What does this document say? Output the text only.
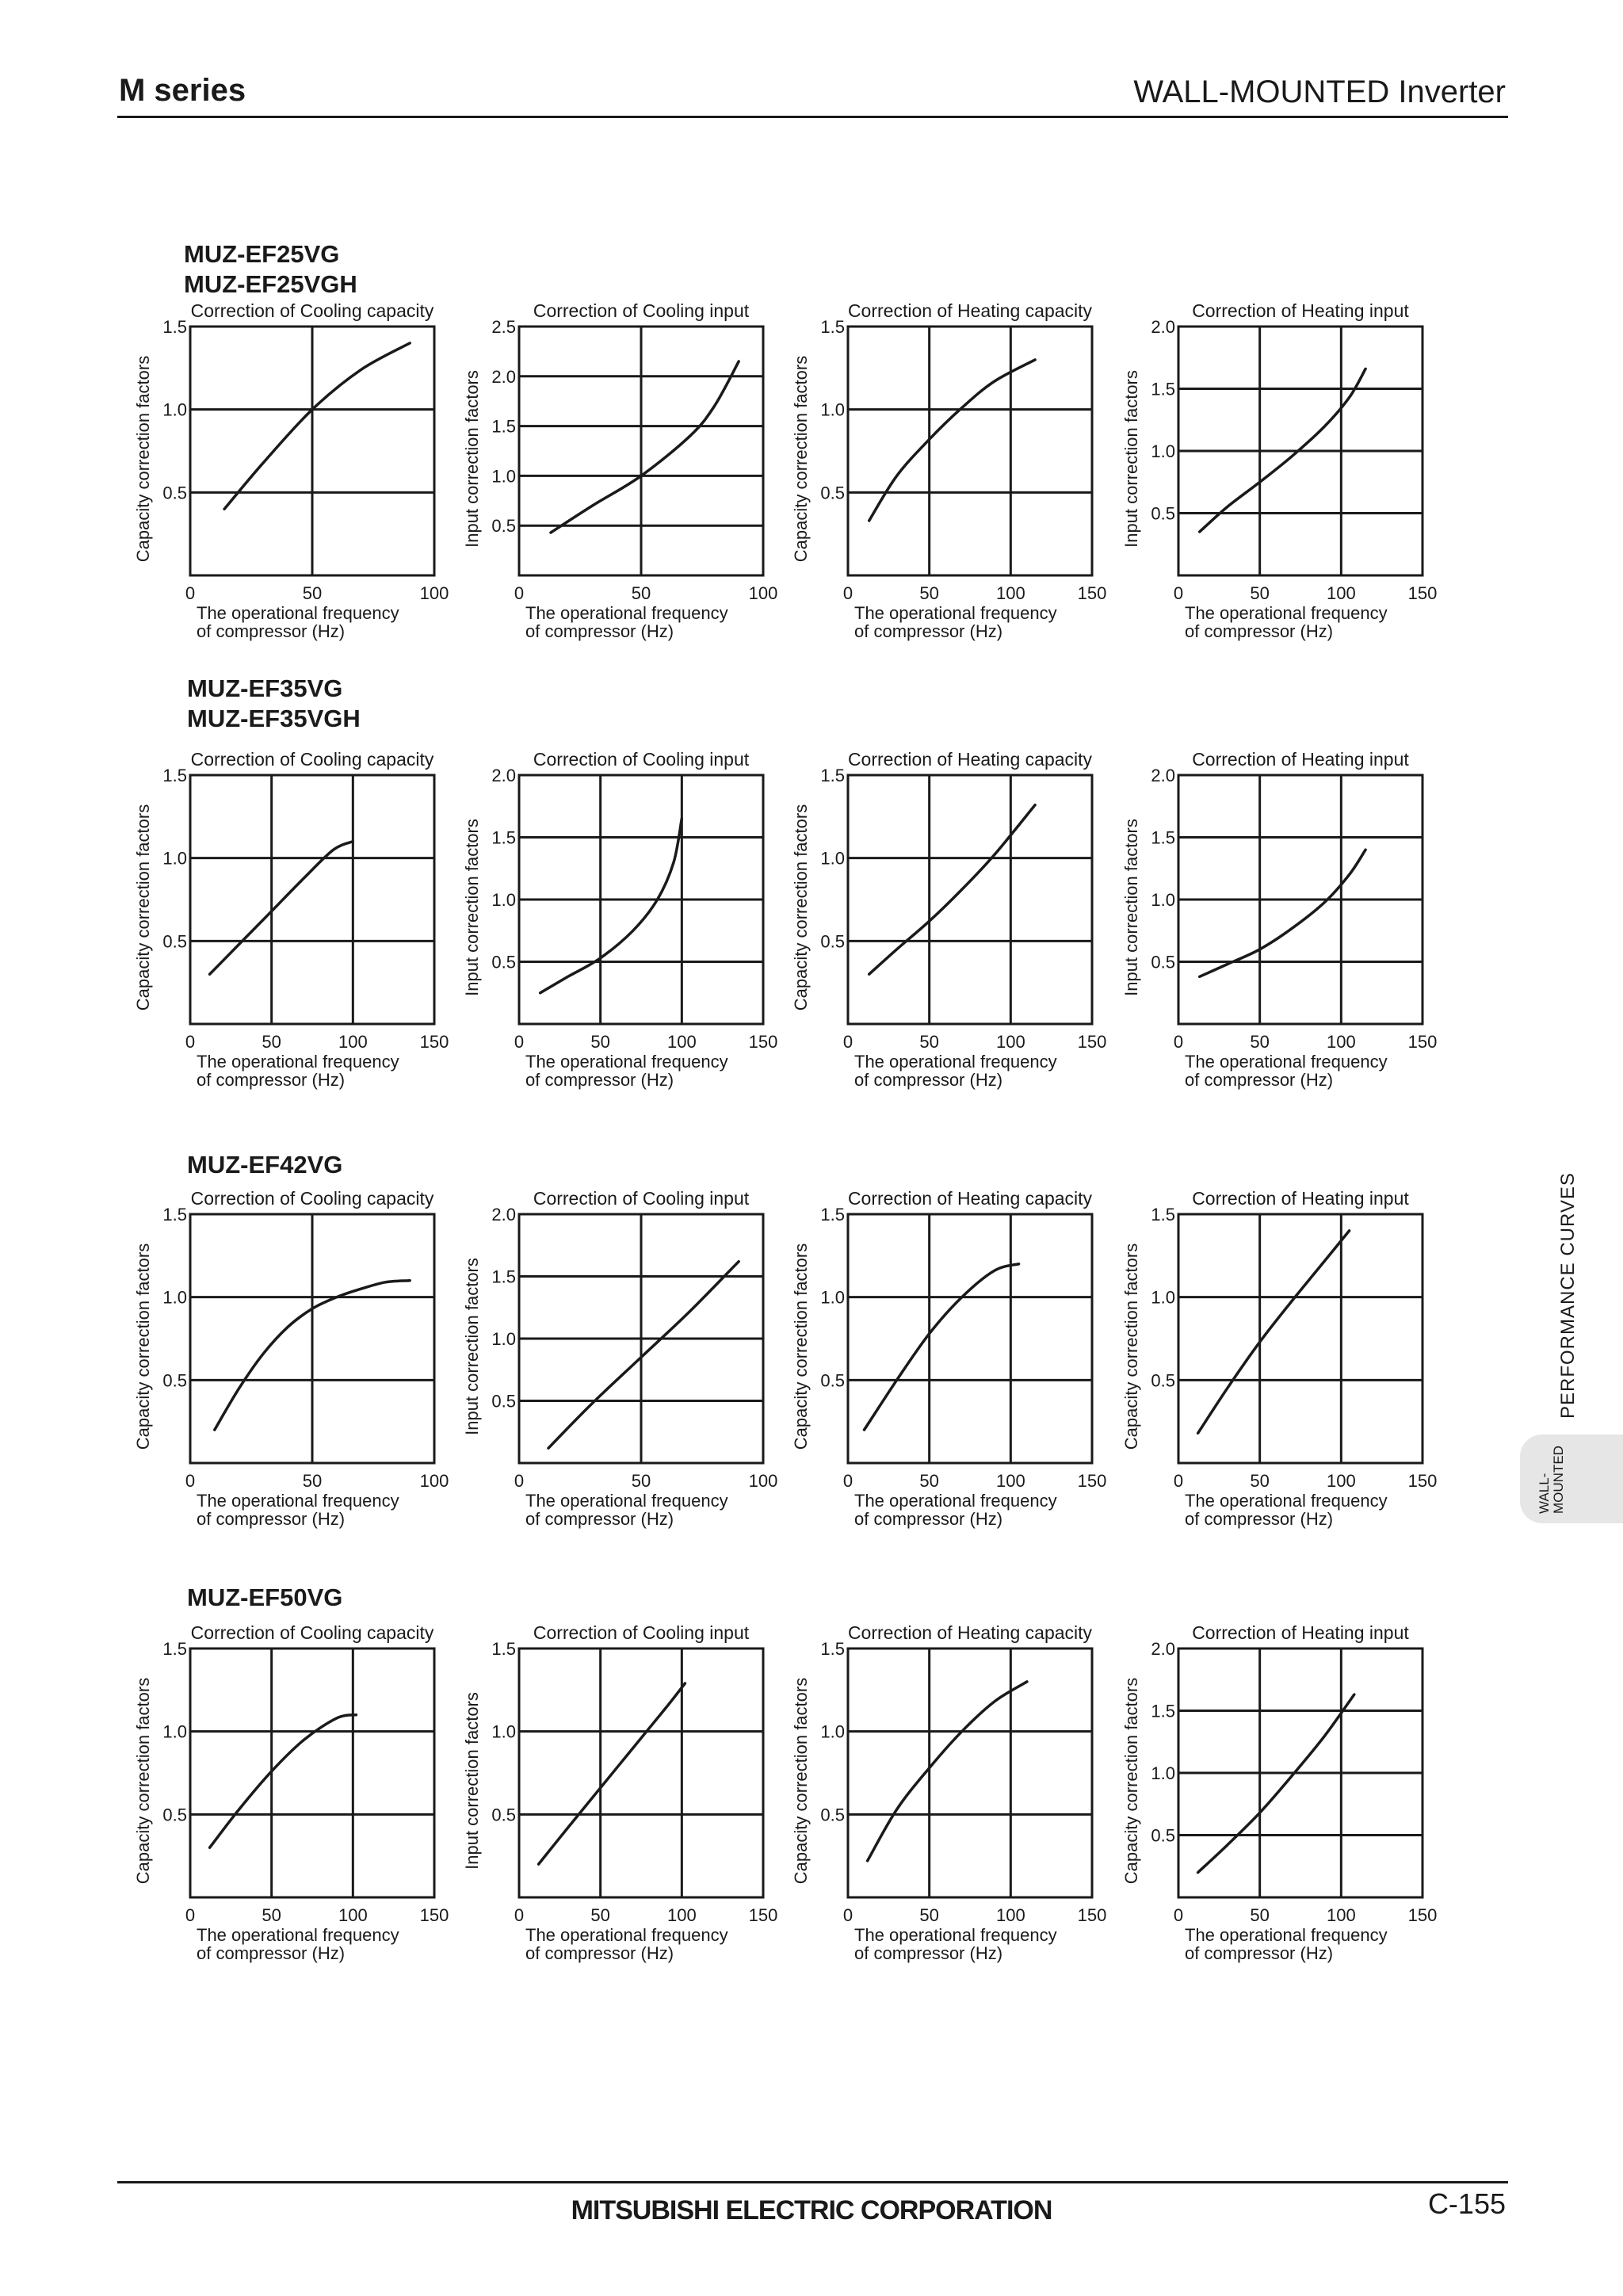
M series	WALL-MOUNTED Inverter
MUZ-EF25VG
MUZ-EF25VGH
MUZ-EF35VG
MUZ-EF35VGH
MUZ-EF42VG
MUZ-EF50VG
Correction of Cooling capacity
0.5
1.0
1.5
0	50	100
The operational frequency
of compressor (Hz)
Capacity correction factors
Correction of Cooling input
0.5
1.0
1.5
2.0
2.5
0	50	100
The operational frequency
of compressor (Hz)
Input correction factors
Correction of Heating capacity
0.5
1.0
1.5
0	50	100	150
The operational frequency
of compressor (Hz)
Capacity correction factors
Correction of Heating input
0.5
1.0
1.5
2.0
0	50	100	150
The operational frequency
of compressor (Hz)
Input correction factors
Correction of Cooling capacity
0.5
1.0
1.5
0	50	100	150
The operational frequency
of compressor (Hz)
Capacity correction factors
Correction of Cooling input
0.5
1.0
1.5
2.0
0	50	100	150
The operational frequency
of compressor (Hz)
Input correction factors
Correction of Heating capacity
0.5
1.0
1.5
0	50	100	150
The operational frequency
of compressor (Hz)
Capacity correction factors
Correction of Heating input
0.5
1.0
1.5
2.0
0	50	100	150
The operational frequency
of compressor (Hz)
Input correction factors
Correction of Cooling capacity
0.5
1.0
1.5
0	50	100
The operational frequency
of compressor (Hz)
Capacity correction factors
Correction of Cooling input
0.5
1.0
1.5
2.0
0	50	100
The operational frequency
of compressor (Hz)
Input correction factors
Correction of Heating capacity
0.5
1.0
1.5
0	50	100	150
The operational frequency
of compressor (Hz)
Capacity correction factors
Correction of Heating input
0.5
1.0
1.5
0	50	100	150
The operational frequency
of compressor (Hz)
Capacity correction factors
Correction of Cooling capacity
0.5
1.0
1.5
0	50	100	150
The operational frequency
of compressor (Hz)
Capacity correction factors
Correction of Cooling input
0.5
1.0
1.5
0	50	100	150
The operational frequency
of compressor (Hz)
Input correction factors
Correction of Heating capacity
0.5
1.0
1.5
0	50	100	150
The operational frequency
of compressor (Hz)
Capacity correction factors
Correction of Heating input
0.5
1.0
1.5
2.0
0	50	100	150
The operational frequency
of compressor (Hz)
Capacity correction factors
PERFORMANCE CURVES
WALL-
MOUNTED
MITSUBISHI ELECTRIC CORPORATION	C-155
